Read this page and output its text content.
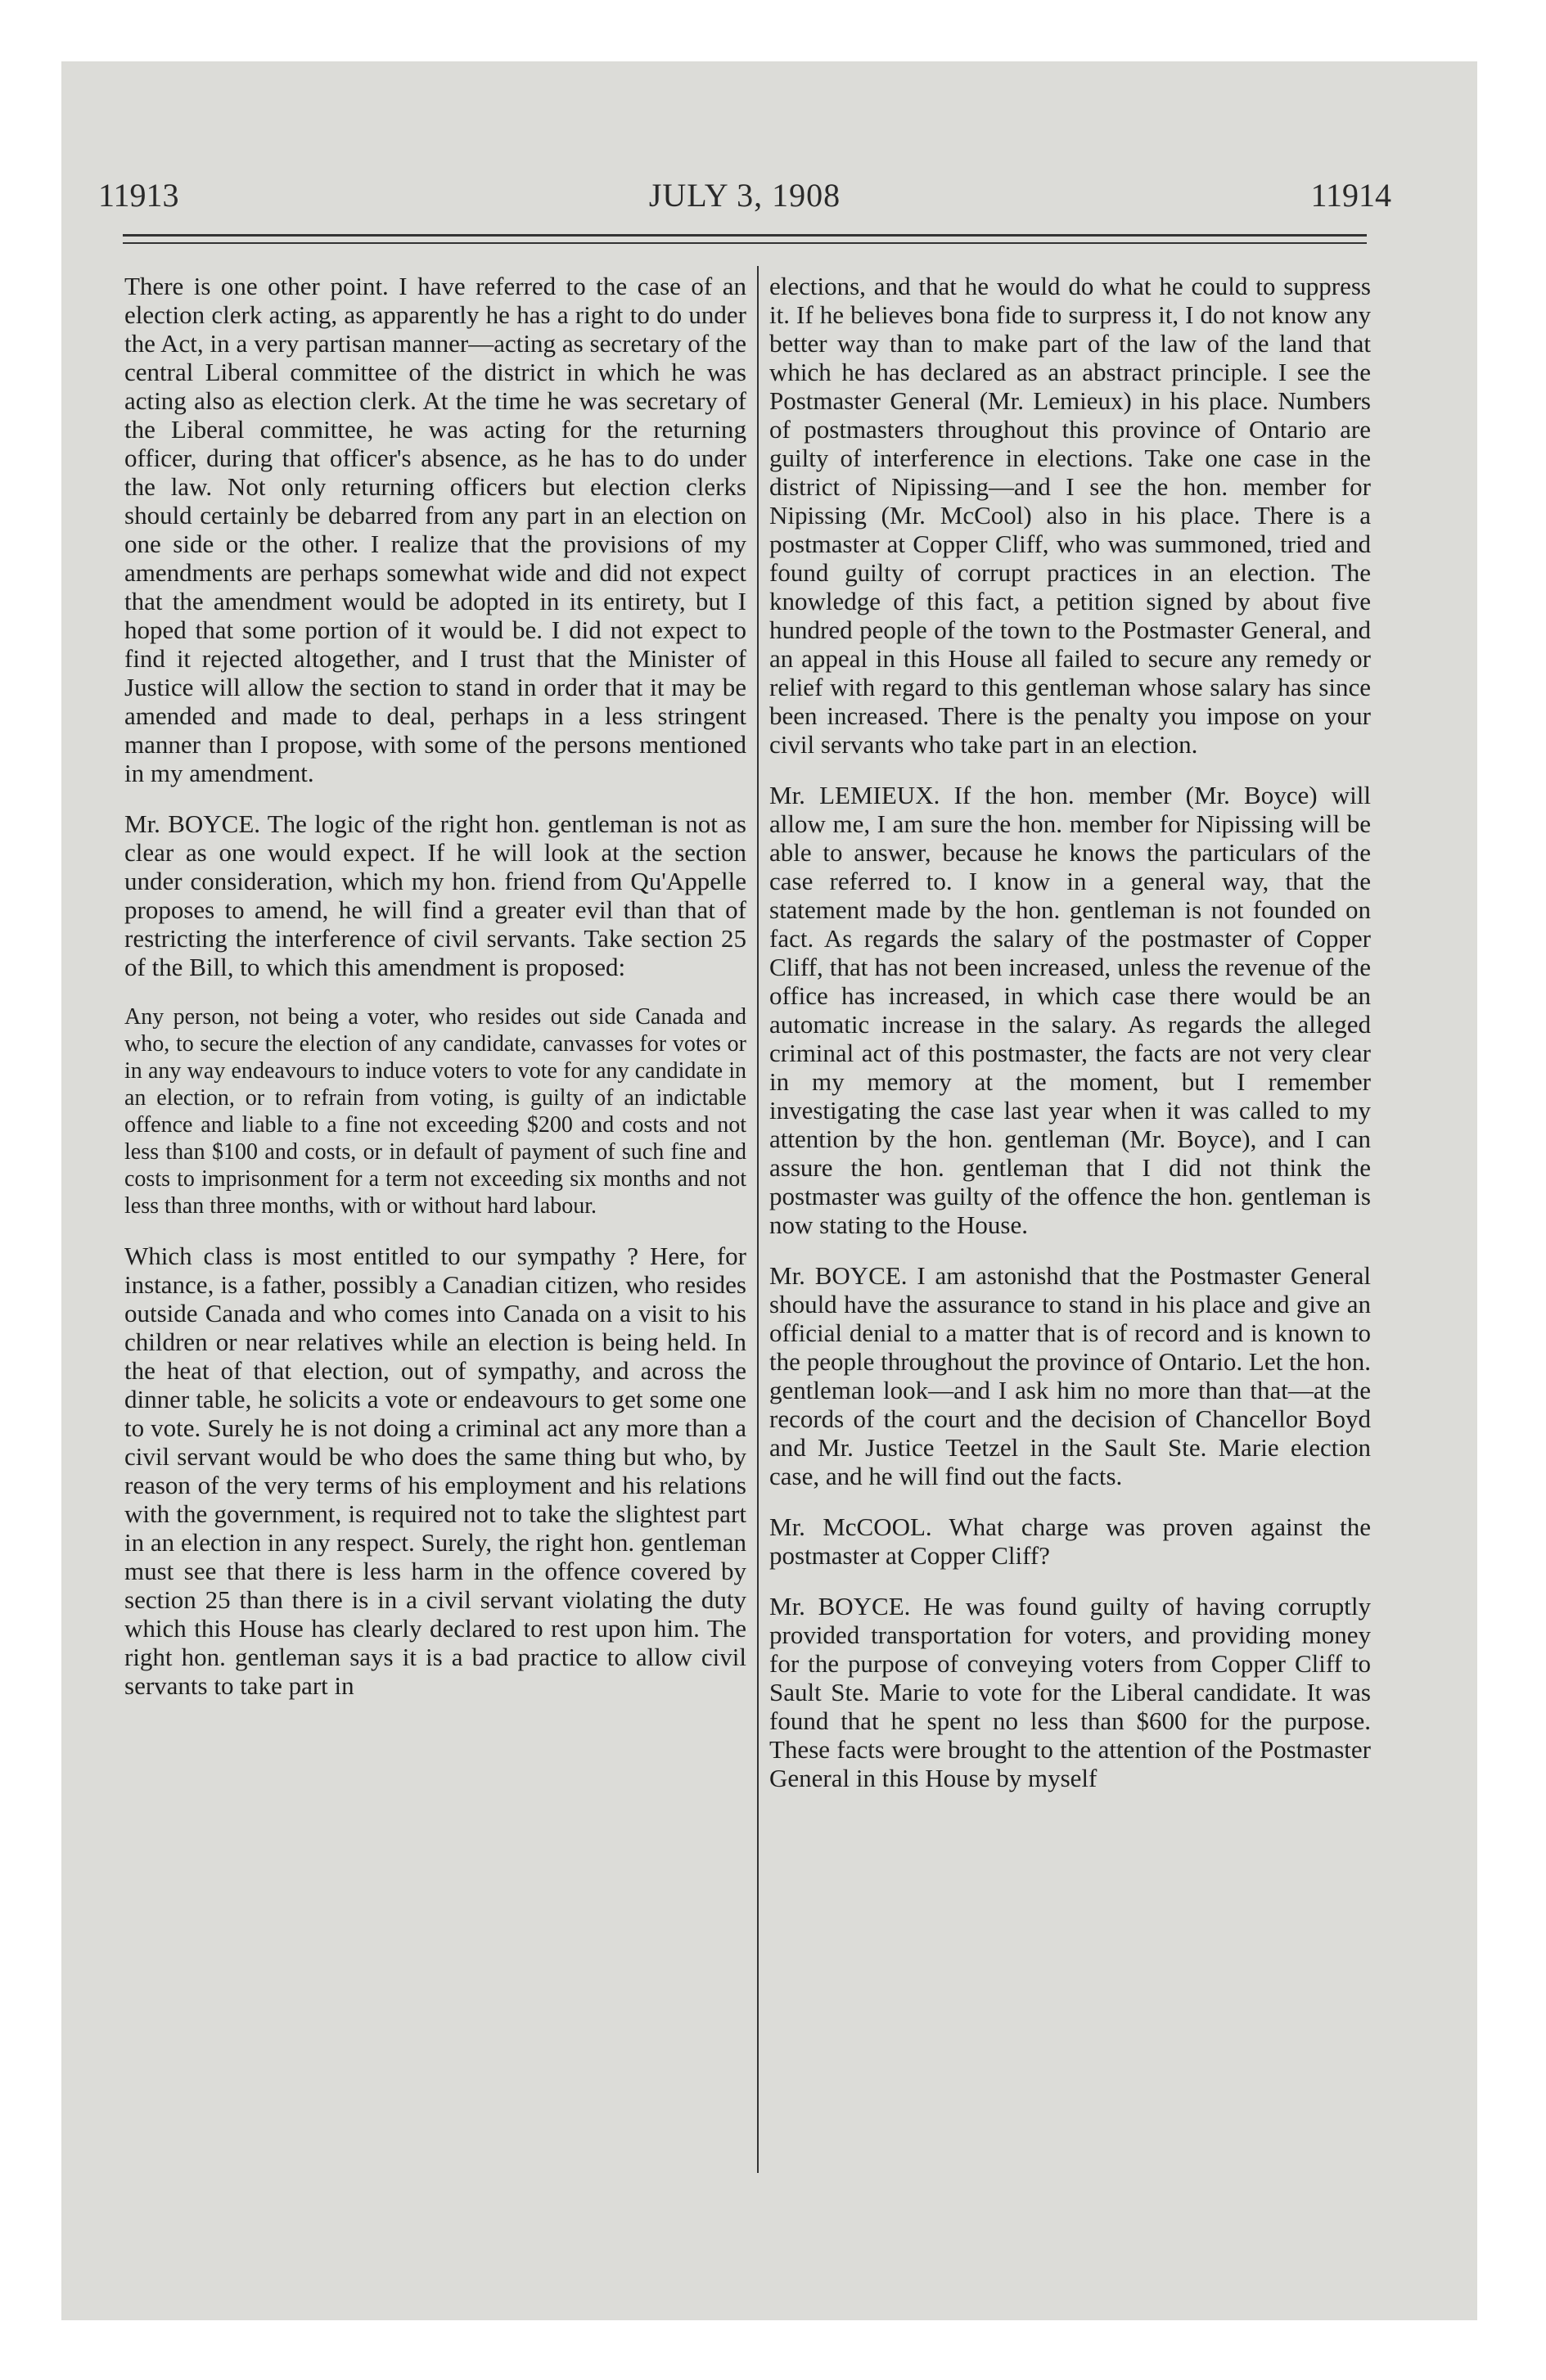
11913	JULY 3, 1908	11914

There is one other point. I have referred to the case of an election clerk acting, as apparently he has a right to do under the Act, in a very partisan manner—acting as secretary of the central Liberal committee of the district in which he was acting also as election clerk. At the time he was secretary of the Liberal committee, he was acting for the returning officer, during that officer's absence, as he has to do under the law. Not only returning officers but election clerks should certainly be debarred from any part in an election on one side or the other. I realize that the provisions of my amendments are perhaps somewhat wide and did not expect that the amendment would be adopted in its entirety, but I hoped that some portion of it would be. I did not expect to find it rejected altogether, and I trust that the Minister of Justice will allow the section to stand in order that it may be amended and made to deal, perhaps in a less stringent manner than I propose, with some of the persons mentioned in my amendment.

Mr. BOYCE. The logic of the right hon. gentleman is not as clear as one would expect. If he will look at the section under consideration, which my hon. friend from Qu'Appelle proposes to amend, he will find a greater evil than that of restricting the interference of civil servants. Take section 25 of the Bill, to which this amendment is proposed:

Any person, not being a voter, who resides out side Canada and who, to secure the election of any candidate, canvasses for votes or in any way endeavours to induce voters to vote for any candidate in an election, or to refrain from voting, is guilty of an indictable offence and liable to a fine not exceeding $200 and costs and not less than $100 and costs, or in default of payment of such fine and costs to imprisonment for a term not exceeding six months and not less than three months, with or without hard labour.

Which class is most entitled to our sympathy ? Here, for instance, is a father, possibly a Canadian citizen, who resides outside Canada and who comes into Canada on a visit to his children or near relatives while an election is being held. In the heat of that election, out of sympathy, and across the dinner table, he solicits a vote or endeavours to get some one to vote. Surely he is not doing a criminal act any more than a civil servant would be who does the same thing but who, by reason of the very terms of his employment and his relations with the government, is required not to take the slightest part in an election in any respect. Surely, the right hon. gentleman must see that there is less harm in the offence covered by section 25 than there is in a civil servant violating the duty which this House has clearly declared to rest upon him. The right hon. gentleman says it is a bad practice to allow civil servants to take part in

elections, and that he would do what he could to suppress it. If he believes bona fide to surpress it, I do not know any better way than to make part of the law of the land that which he has declared as an abstract principle. I see the Postmaster General (Mr. Lemieux) in his place. Numbers of postmasters throughout this province of Ontario are guilty of interference in elections. Take one case in the district of Nipissing—and I see the hon. member for Nipissing (Mr. McCool) also in his place. There is a postmaster at Copper Cliff, who was summoned, tried and found guilty of corrupt practices in an election. The knowledge of this fact, a petition signed by about five hundred people of the town to the Postmaster General, and an appeal in this House all failed to secure any remedy or relief with regard to this gentleman whose salary has since been increased. There is the penalty you impose on your civil servants who take part in an election.

Mr. LEMIEUX. If the hon. member (Mr. Boyce) will allow me, I am sure the hon. member for Nipissing will be able to answer, because he knows the particulars of the case referred to. I know in a general way, that the statement made by the hon. gentleman is not founded on fact. As regards the salary of the postmaster of Copper Cliff, that has not been increased, unless the revenue of the office has increased, in which case there would be an automatic increase in the salary. As regards the alleged criminal act of this postmaster, the facts are not very clear in my memory at the moment, but I remember investigating the case last year when it was called to my attention by the hon. gentleman (Mr. Boyce), and I can assure the hon. gentleman that I did not think the postmaster was guilty of the offence the hon. gentleman is now stating to the House.

Mr. BOYCE. I am astonishd that the Postmaster General should have the assurance to stand in his place and give an official denial to a matter that is of record and is known to the people throughout the province of Ontario. Let the hon. gentleman look—and I ask him no more than that—at the records of the court and the decision of Chancellor Boyd and Mr. Justice Teetzel in the Sault Ste. Marie election case, and he will find out the facts.

Mr. McCOOL. What charge was proven against the postmaster at Copper Cliff?

Mr. BOYCE. He was found guilty of having corruptly provided transportation for voters, and providing money for the purpose of conveying voters from Copper Cliff to Sault Ste. Marie to vote for the Liberal candidate. It was found that he spent no less than $600 for the purpose. These facts were brought to the attention of the Postmaster General in this House by myself
